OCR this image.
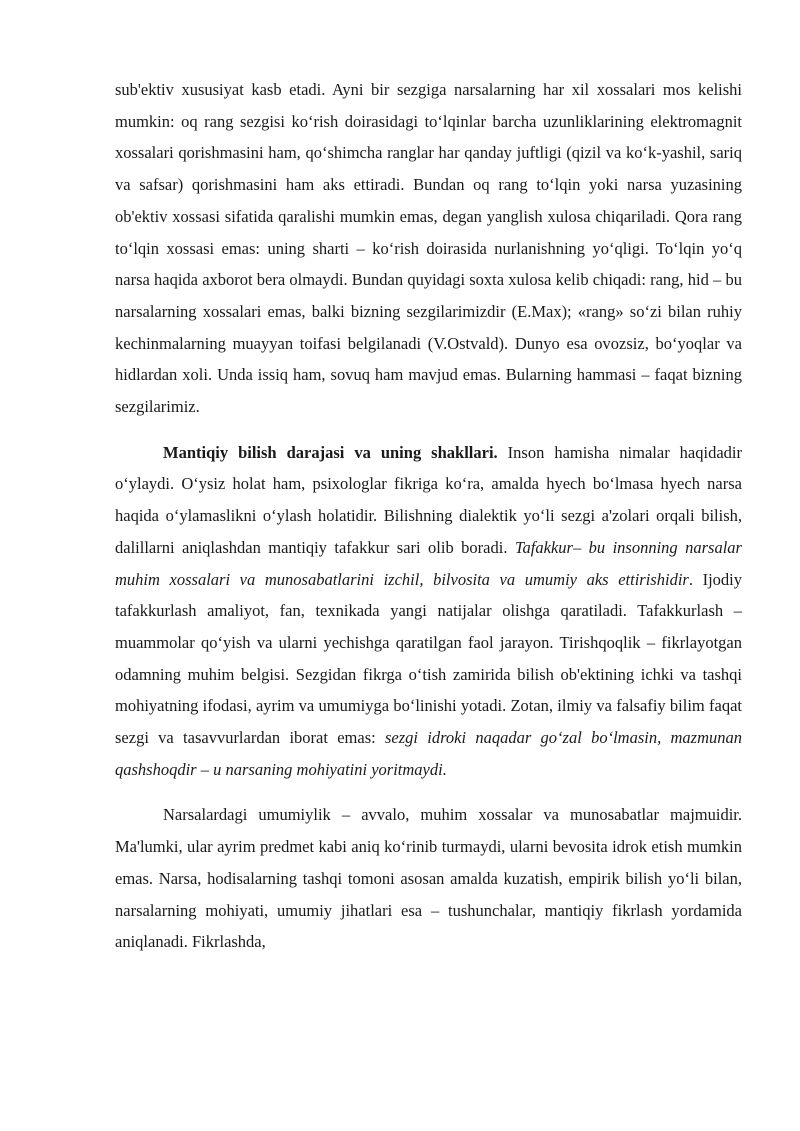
sub'ektiv xususiyat kasb etadi. Ayni bir sezgiga narsalarning har xil xossalari mos kelishi mumkin: oq rang sezgisi ko‘rish doirasidagi to‘lqinlar barcha uzunliklarining elektromagnit xossalari qorishmasini ham, qo‘shimcha ranglar har qanday juftligi (qizil va ko‘k-yashil, sariq va safsar) qorishmasini ham aks ettiradi. Bundan oq rang to‘lqin yoki narsa yuzasining ob'ektiv xossasi sifatida qaralishi mumkin emas, degan yanglish xulosa chiqariladi. Qora rang to‘lqin xossasi emas: uning sharti – ko‘rish doirasida nurlanishning yo‘qligi. To‘lqin yo‘q narsa haqida axborot bera olmaydi. Bundan quyidagi soxta xulosa kelib chiqadi: rang, hid – bu narsalarning xossalari emas, balki bizning sezgilarimizdir (E.Max); «rang» so‘zi bilan ruhiy kechinmalarning muayyan toifasi belgilanadi (V.Ostvald). Dunyo esa ovozsiz, bo‘yoqlar va hidlardan xoli. Unda issiq ham, sovuq ham mavjud emas. Bularning hammasi – faqat bizning sezgilarimiz.

Mantiqiy bilish darajasi va uning shakllari. Inson hamisha nimalar haqidadir o‘ylaydi. O‘ysiz holat ham, psixologlar fikriga ko‘ra, amalda hyech bo‘lmasa hyech narsa haqida o‘ylamaslikni o‘ylash holatidir. Bilishning dialektik yo‘li sezgi a'zolari orqali bilish, dalillarni aniqlashdan mantiqiy tafakkur sari olib boradi. Tafakkur– bu insonning narsalar muhim xossalari va munosabatlarini izchil, bilvosita va umumiy aks ettirishidir. Ijodiy tafakkurlash amaliyot, fan, texnikada yangi natijalar olishga qaratiladi. Tafakkurlash – muammolar qo‘yish va ularni yechishga qaratilgan faol jarayon. Tirishqoqlik – fikrlayotgan odamning muhim belgisi. Sezgidan fikrga o‘tish zamirida bilish ob'ektining ichki va tashqi mohiyatning ifodasi, ayrim va umumiyga bo‘linishi yotadi. Zotan, ilmiy va falsafiy bilim faqat sezgi va tasavvurlardan iborat emas: sezgi idroki naqadar go‘zal bo‘lmasin, mazmunan qashshoqdir – u narsaning mohiyatini yoritmaydi.

Narsalardagi umumiylik – avvalo, muhim xossalar va munosabatlar majmuidir. Ma'lumki, ular ayrim predmet kabi aniq ko‘rinib turmaydi, ularni bevosita idrok etish mumkin emas. Narsa, hodisalarning tashqi tomoni asosan amalda kuzatish, empirik bilish yo‘li bilan, narsalarning mohiyati, umumiy jihatlari esa – tushunchalar, mantiqiy fikrlash yordamida aniqlanadi. Fikrlashda,
